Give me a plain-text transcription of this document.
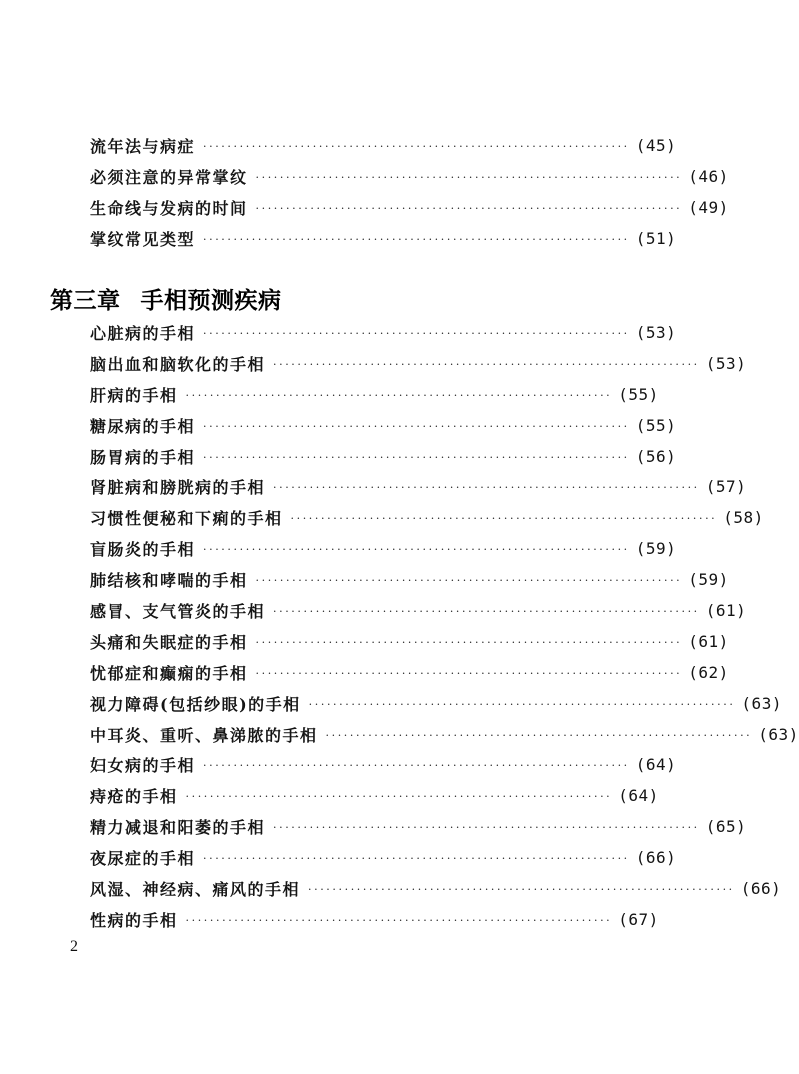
流年法与病症 ······································································ (45)
必须注意的异常掌纹 ······································································ (46)
生命线与发病的时间 ······································································ (49)
掌纹常见类型 ······································································ (51)
第三章 手相预测疾病
心脏病的手相 ······································································ (53)
脑出血和脑软化的手相 ······································································ (53)
肝病的手相 ······································································ (55)
糖尿病的手相 ······································································ (55)
肠胃病的手相 ······································································ (56)
肾脏病和膀胱病的手相 ······································································ (57)
习惯性便秘和下痢的手相 ······································································ (58)
盲肠炎的手相 ······································································ (59)
肺结核和哮喘的手相 ······································································ (59)
感冒、支气管炎的手相 ······································································ (61)
头痛和失眠症的手相 ······································································ (61)
忧郁症和癫痫的手相 ······································································ (62)
视力障碍(包括纱眼)的手相 ······································································ (63)
中耳炎、重听、鼻涕脓的手相 ······································································ (63)
妇女病的手相 ······································································ (64)
痔疮的手相 ······································································ (64)
精力减退和阳萎的手相 ······································································ (65)
夜尿症的手相 ······································································ (66)
风湿、神经病、痛风的手相 ······································································ (66)
性病的手相 ······································································ (67)
2
